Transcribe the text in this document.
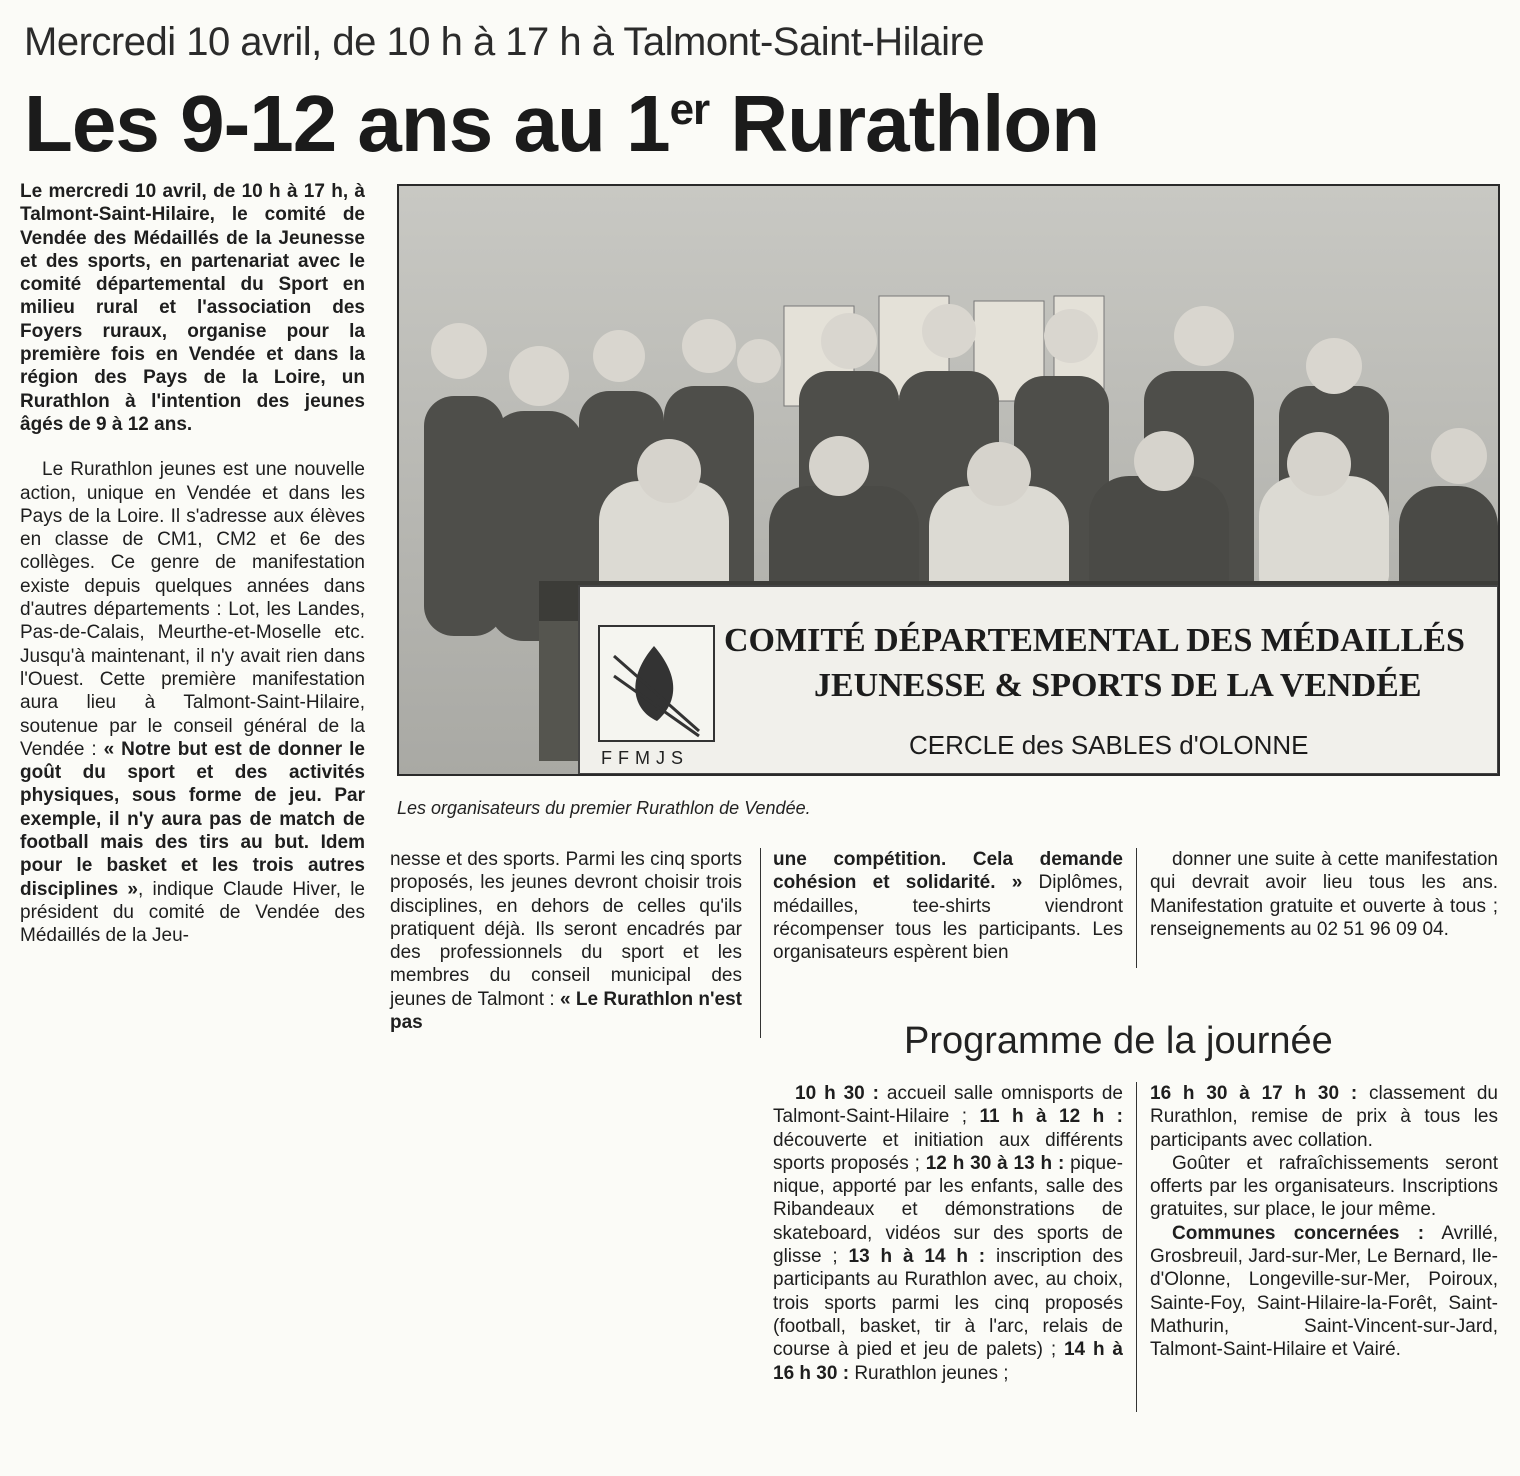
Mercredi 10 avril, de 10 h à 17 h à Talmont-Saint-Hilaire
Les 9-12 ans au 1er Rurathlon

Le mercredi 10 avril, de 10 h à 17 h, à Talmont-Saint-Hilaire, le comité de Vendée des Médaillés de la Jeunesse et des sports, en partenariat avec le comité départemental du Sport en milieu rural et l'association des Foyers ruraux, organise pour la première fois en Vendée et dans la région des Pays de la Loire, un Rurathlon à l'intention des jeunes âgés de 9 à 12 ans.

Le Rurathlon jeunes est une nouvelle action, unique en Vendée et dans les Pays de la Loire. Il s'adresse aux élèves en classe de CM1, CM2 et 6e des collèges. Ce genre de manifestation existe depuis quelques années dans d'autres départements : Lot, les Landes, Pas-de-Calais, Meurthe-et-Moselle etc. Jusqu'à maintenant, il n'y avait rien dans l'Ouest. Cette première manifestation aura lieu à Talmont-Saint-Hilaire, soutenue par le conseil général de la Vendée : « Notre but est de donner le goût du sport et des activités physiques, sous forme de jeu. Par exemple, il n'y aura pas de match de football mais des tirs au but. Idem pour le basket et les trois autres disciplines », indique Claude Hiver, le président du comité de Vendée des Médaillés de la Jeu-

FFMJS
COMITÉ DÉPARTEMENTAL DES MÉDAILLÉS
JEUNESSE & SPORTS DE LA VENDÉE
CERCLE des SABLES d'OLONNE
Les organisateurs du premier Rurathlon de Vendée.

nesse et des sports. Parmi les cinq sports proposés, les jeunes devront choisir trois disciplines, en dehors de celles qu'ils pratiquent déjà. Ils seront encadrés par des professionnels du sport et les membres du conseil municipal des jeunes de Talmont : « Le Rurathlon n'est pas

une compétition. Cela demande cohésion et solidarité. » Diplômes, médailles, tee-shirts viendront récompenser tous les participants. Les organisateurs espèrent bien

donner une suite à cette manifestation qui devrait avoir lieu tous les ans. Manifestation gratuite et ouverte à tous ; renseignements au 02 51 96 09 04.

Programme de la journée

10 h 30 : accueil salle omnisports de Talmont-Saint-Hilaire ; 11 h à 12 h : découverte et initiation aux différents sports proposés ; 12 h 30 à 13 h : pique-nique, apporté par les enfants, salle des Ribandeaux et démonstrations de skateboard, vidéos sur des sports de glisse ; 13 h à 14 h : inscription des participants au Rurathlon avec, au choix, trois sports parmi les cinq proposés (football, basket, tir à l'arc, relais de course à pied et jeu de palets) ; 14 h à 16 h 30 : Rurathlon jeunes ;

16 h 30 à 17 h 30 : classement du Rurathlon, remise de prix à tous les participants avec collation.

Goûter et rafraîchissements seront offerts par les organisateurs. Inscriptions gratuites, sur place, le jour même.

Communes concernées : Avrillé, Grosbreuil, Jard-sur-Mer, Le Bernard, Ile-d'Olonne, Longeville-sur-Mer, Poiroux, Sainte-Foy, Saint-Hilaire-la-Forêt, Saint-Mathurin, Saint-Vincent-sur-Jard, Talmont-Saint-Hilaire et Vairé.
